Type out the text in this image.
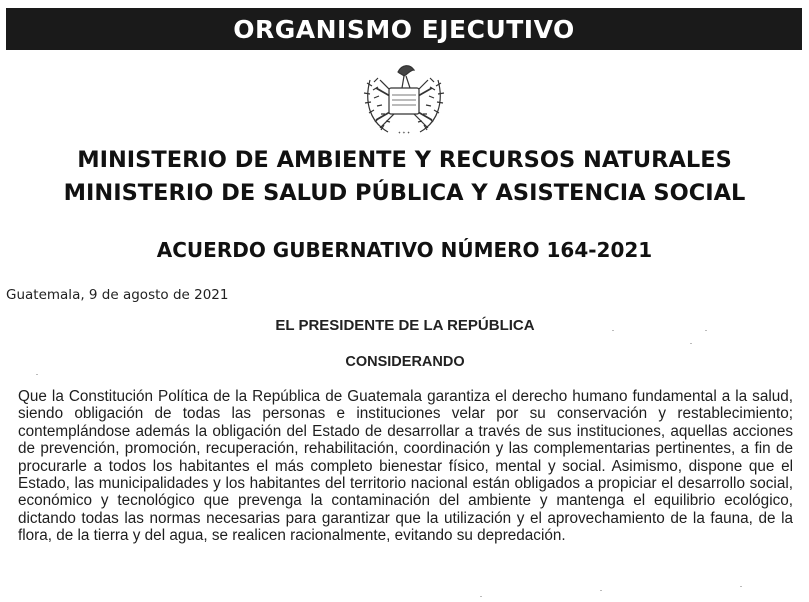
ORGANISMO EJECUTIVO
✦ ✦ ✦
MINISTERIO DE AMBIENTE Y RECURSOS NATURALES
MINISTERIO DE SALUD PÚBLICA Y ASISTENCIA SOCIAL
ACUERDO GUBERNATIVO NÚMERO 164-2021
Guatemala, 9 de agosto de 2021
EL PRESIDENTE DE LA REPÚBLICA
CONSIDERANDO
Que la Constitución Política de la República de Guatemala garantiza el derecho humano fundamental a la salud, siendo obligación de todas las personas e instituciones velar por su conservación y restablecimiento; contemplándose además la obligación del Estado de desarrollar a través de sus instituciones, aquellas acciones de prevención, promoción, recuperación, rehabilitación, coordinación y las complementarias pertinentes, a fin de procurarle a todos los habitantes el más completo bienestar físico, mental y social. Asimismo, dispone que el Estado, las municipalidades y los habitantes del territorio nacional están obligados a propiciar el desarrollo social, económico y tecnológico que prevenga la contaminación del ambiente y mantenga el equilibrio ecológico, dictando todas las normas necesarias para garantizar que la utilización y el aprovechamiento de la fauna, de la flora, de la tierra y del agua, se realicen racionalmente, evitando su depredación.
